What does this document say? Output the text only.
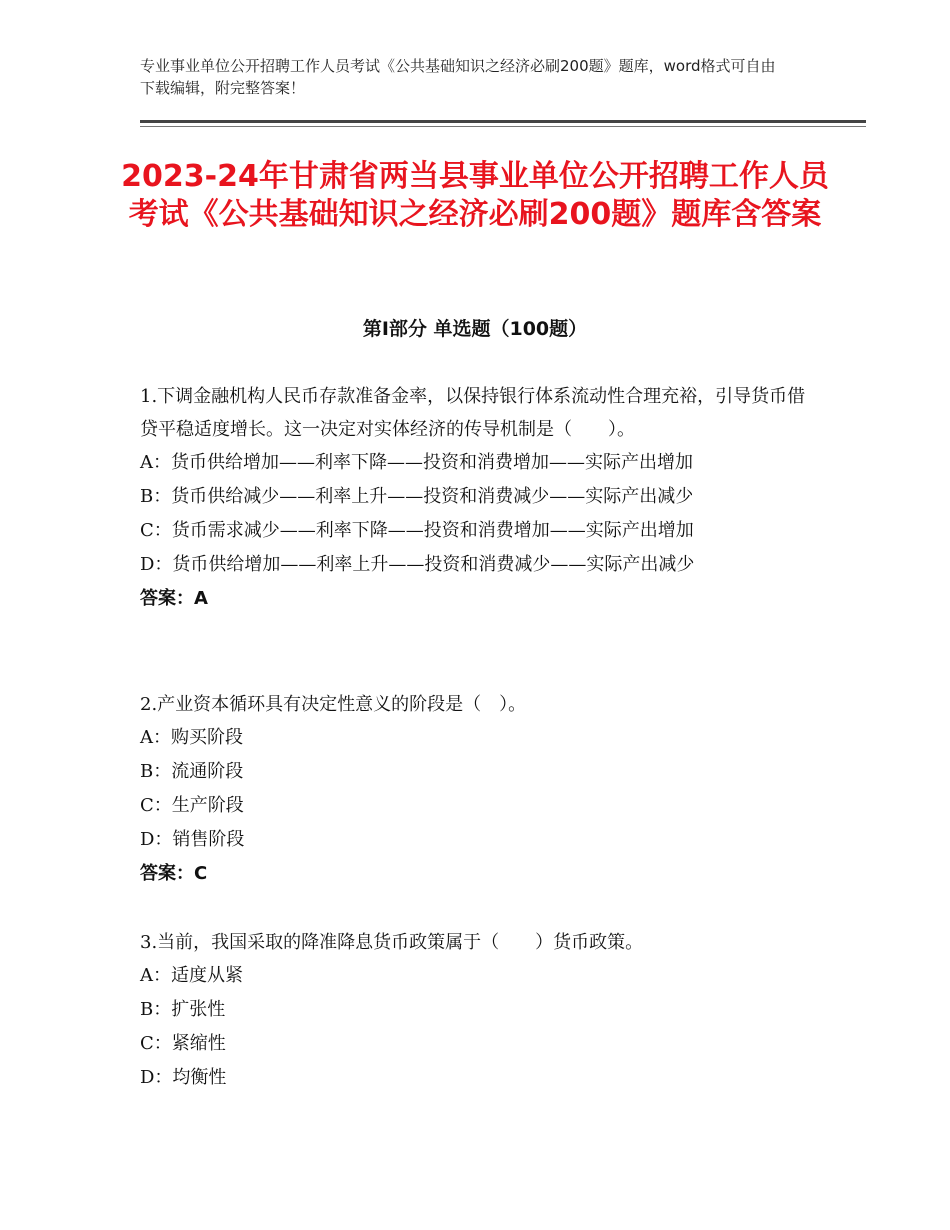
专业事业单位公开招聘工作人员考试《公共基础知识之经济必刷200题》题库，word格式可自由下载编辑，附完整答案！
2023-24年甘肃省两当县事业单位公开招聘工作人员考试《公共基础知识之经济必刷200题》题库含答案
第I部分 单选题（100题）

1.下调金融机构人民币存款准备金率，以保持银行体系流动性合理充裕，引导货币借贷平稳适度增长。这一决定对实体经济的传导机制是（　　）。

A：货币供给增加——利率下降——投资和消费增加——实际产出增加
B：货币供给减少——利率上升——投资和消费减少——实际产出减少
C：货币需求减少——利率下降——投资和消费增加——实际产出增加
D：货币供给增加——利率上升——投资和消费减少——实际产出减少
答案：A

2.产业资本循环具有决定性意义的阶段是（　）。

A：购买阶段
B：流通阶段
C：生产阶段
D：销售阶段
答案：C

3.当前，我国采取的降准降息货币政策属于（　　）货币政策。

A：适度从紧
B：扩张性
C：紧缩性
D：均衡性
